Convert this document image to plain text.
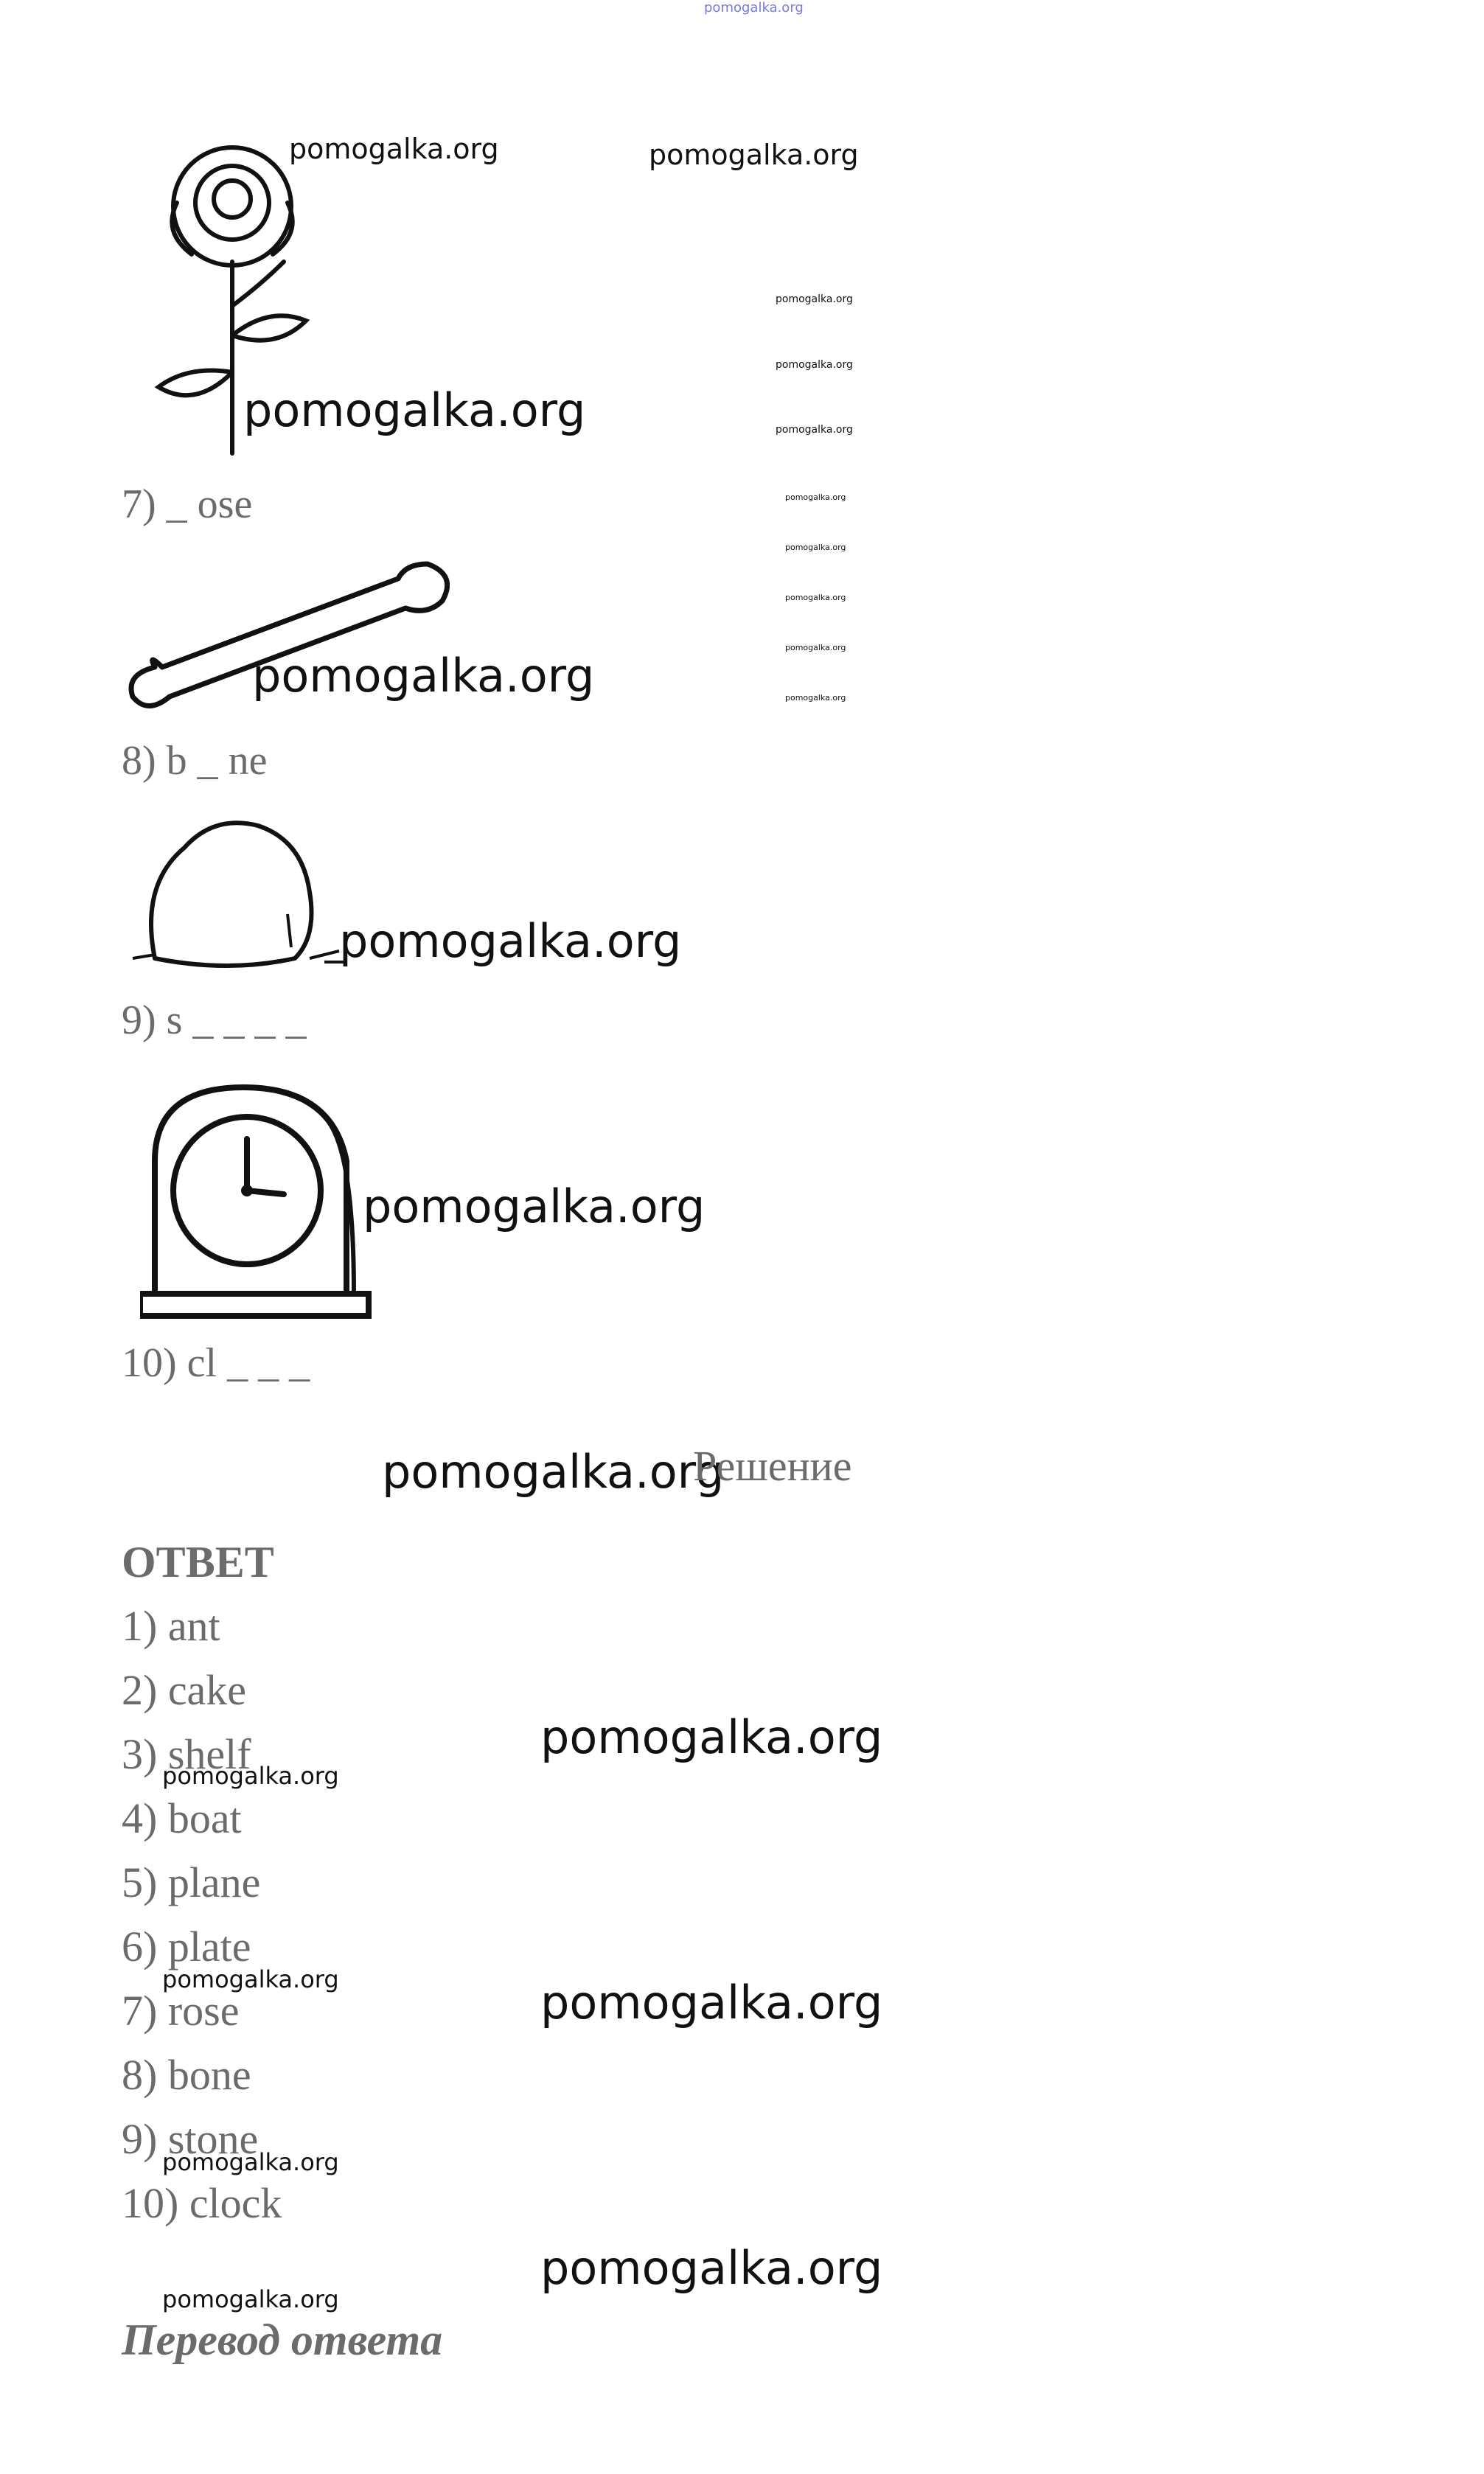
pomogalka.org
pomogalka.org	pomogalka.org
pomogalka.org
7) _ ose
pomogalka.org
pomogalka.org
pomogalka.org
pomogalka.org
pomogalka.org
pomogalka.org
pomogalka.org
pomogalka.org
pomogalka.org
8) b _ ne
pomogalka.org
9) s _ _ _ _
pomogalka.org
10) cl _ _ _
pomogalka.org
Решение
ОТВЕТ
1) ant
2) cake
3) shelf
4) boat
5) plane
6) plate
7) rose
8) bone
9) stone
10) clock
pomogalka.org
pomogalka.org
pomogalka.org
pomogalka.org
pomogalka.org
pomogalka.org
pomogalka.org
Перевод ответа
